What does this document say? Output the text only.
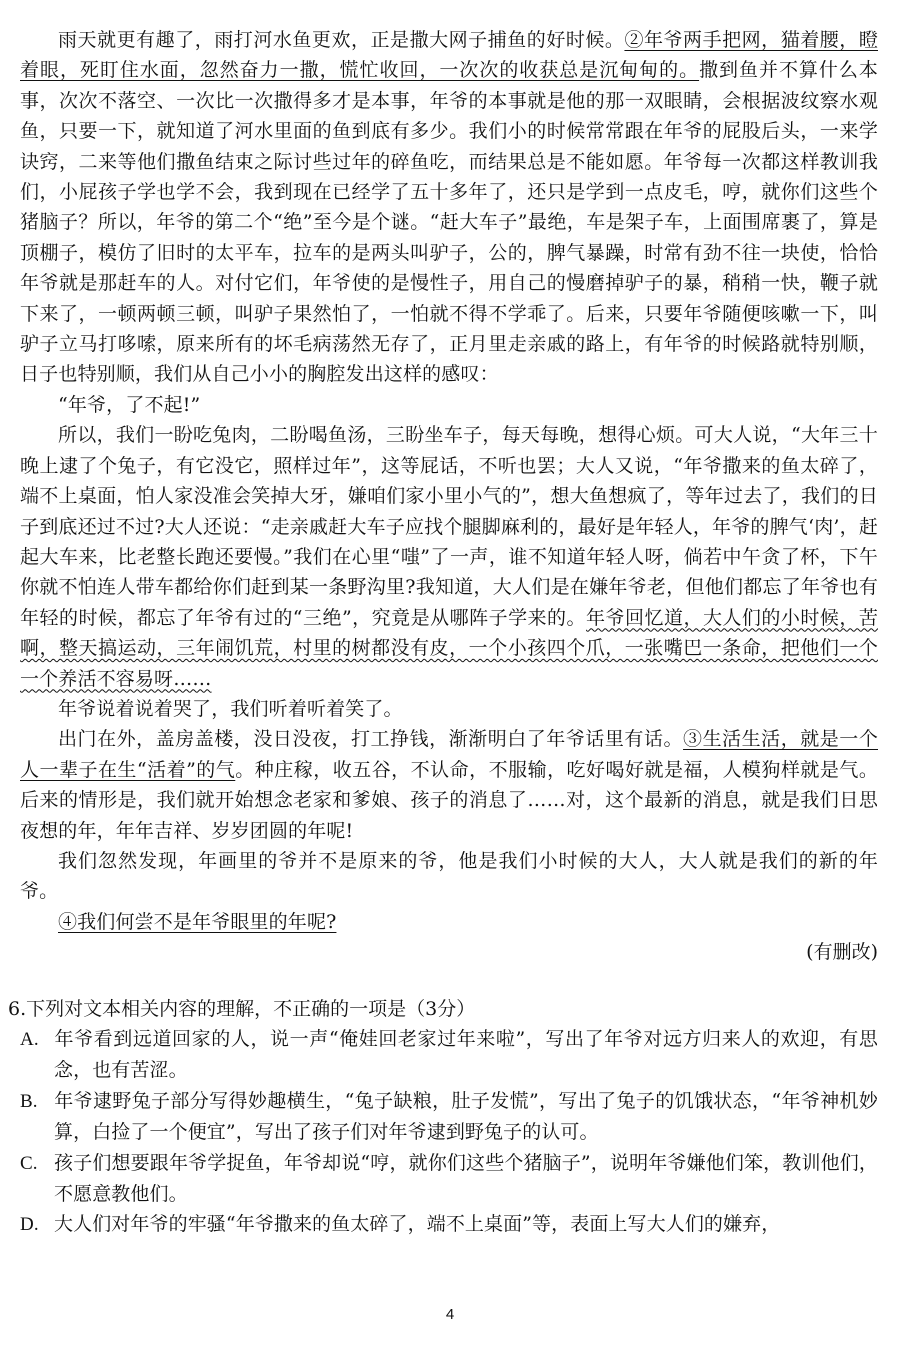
雨天就更有趣了，雨打河水鱼更欢，正是撒大网子捕鱼的好时候。②年爷两手把网，猫着腰，瞪着眼，死盯住水面，忽然奋力一撒，慌忙收回，一次次的收获总是沉甸甸的。撒到鱼并不算什么本事，次次不落空、一次比一次撒得多才是本事，年爷的本事就是他的那一双眼睛，会根据波纹察水观鱼，只要一下，就知道了河水里面的鱼到底有多少。我们小的时候常常跟在年爷的屁股后头，一来学诀窍，二来等他们撒鱼结束之际讨些过年的碎鱼吃，而结果总是不能如愿。年爷每一次都这样教训我们，小屁孩子学也学不会，我到现在已经学了五十多年了，还只是学到一点皮毛，哼，就你们这些个猪脑子？所以，年爷的第二个“绝”至今是个谜。“赶大车子”最绝，车是架子车，上面围席裹了，算是顶棚子，模仿了旧时的太平车，拉车的是两头叫驴子，公的，脾气暴躁，时常有劲不往一块使，恰恰年爷就是那赶车的人。对付它们，年爷使的是慢性子，用自己的慢磨掉驴子的暴，稍稍一快，鞭子就下来了，一顿两顿三顿，叫驴子果然怕了，一怕就不得不学乖了。后来，只要年爷随便咳嗽一下，叫驴子立马打哆嗦，原来所有的坏毛病荡然无存了，正月里走亲戚的路上，有年爷的时候路就特别顺，日子也特别顺，我们从自己小小的胸腔发出这样的感叹：

“年爷，了不起!”

所以，我们一盼吃兔肉，二盼喝鱼汤，三盼坐车子，每天每晚，想得心烦。可大人说，“大年三十晚上逮了个兔子，有它没它，照样过年”，这等屁话，不听也罢；大人又说，“年爷撒来的鱼太碎了，端不上桌面，怕人家没准会笑掉大牙，嫌咱们家小里小气的”，想大鱼想疯了，等年过去了，我们的日子到底还过不过?大人还说：“走亲戚赶大车子应找个腿脚麻利的，最好是年轻人，年爷的脾气‘肉’，赶起大车来，比老整长跑还要慢。”我们在心里“嗤”了一声，谁不知道年轻人呀，倘若中午贪了杯，下午你就不怕连人带车都给你们赶到某一条野沟里?我知道，大人们是在嫌年爷老，但他们都忘了年爷也有年轻的时候，都忘了年爷有过的“三绝”，究竟是从哪阵子学来的。年爷回忆道，大人们的小时候，苦啊，整天搞运动，三年闹饥荒，村里的树都没有皮，一个小孩四个爪，一张嘴巴一条命，把他们一个一个养活不容易呀……

年爷说着说着哭了，我们听着听着笑了。

出门在外，盖房盖楼，没日没夜，打工挣钱，渐渐明白了年爷话里有话。③生活生活，就是一个人一辈子在生“活着”的气。种庄稼，收五谷，不认命，不服输，吃好喝好就是福，人模狗样就是气。后来的情形是，我们就开始想念老家和爹娘、孩子的消息了……对，这个最新的消息，就是我们日思夜想的年，年年吉祥、岁岁团圆的年呢!

我们忽然发现，年画里的爷并不是原来的爷，他是我们小时候的大人，大人就是我们的新的年爷。

④我们何尝不是年爷眼里的年呢?

(有删改)

6.下列对文本相关内容的理解，不正确的一项是（3分）

A. 年爷看到远道回家的人，说一声“俺娃回老家过年来啦”，写出了年爷对远方归来人的欢迎，有思念，也有苦涩。
B. 年爷逮野兔子部分写得妙趣横生，“兔子缺粮，肚子发慌”，写出了兔子的饥饿状态，“年爷神机妙算，白捡了一个便宜”，写出了孩子们对年爷逮到野兔子的认可。
C. 孩子们想要跟年爷学捉鱼，年爷却说“哼，就你们这些个猪脑子”，说明年爷嫌他们笨，教训他们，不愿意教他们。
D. 大人们对年爷的牢骚“年爷撒来的鱼太碎了，端不上桌面”等，表面上写大人们的嫌弃，
4
